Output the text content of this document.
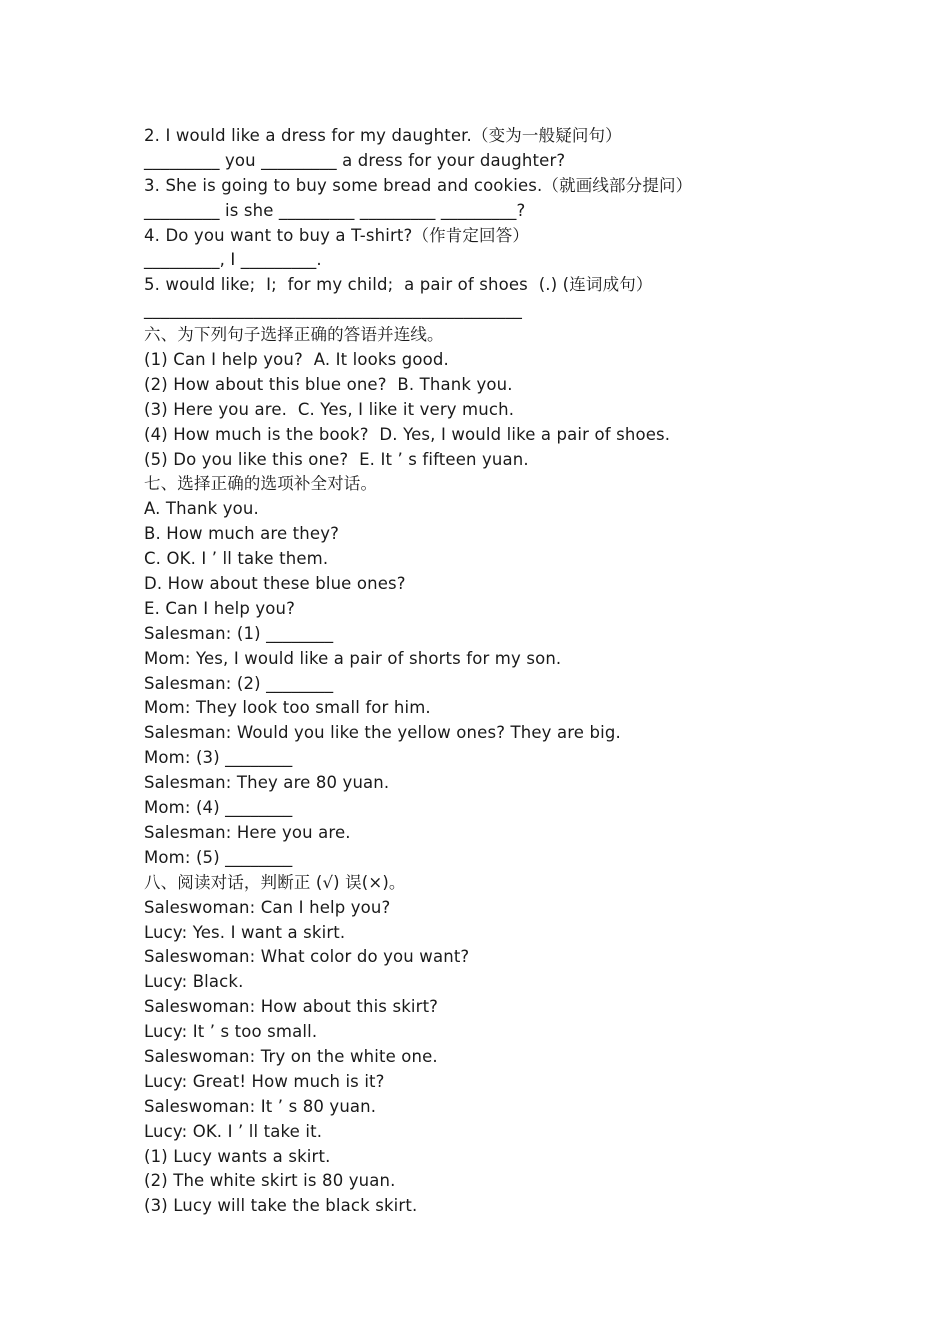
2. I would like a dress for my daughter.（变为一般疑问句）
_________ you _________ a dress for your daughter?
3. She is going to buy some bread and cookies.（就画线部分提问）
_________ is she _________ _________ _________?
4. Do you want to buy a T-shirt?（作肯定回答）
_________, I _________.
5. would like;  I;  for my child;  a pair of shoes  (.) (连词成句）
_____________________________________________
六、为下列句子选择正确的答语并连线。
(1) Can I help you?  A. It looks good.
(2) How about this blue one?  B. Thank you.
(3) Here you are.  C. Yes, I like it very much.
(4) How much is the book?  D. Yes, I would like a pair of shoes.
(5) Do you like this one?  E. It ’ s fifteen yuan.
七、选择正确的选项补全对话。
A. Thank you.
B. How much are they?
C. OK. I ’ ll take them.
D. How about these blue ones?
E. Can I help you?
Salesman: (1) ________
Mom: Yes, I would like a pair of shorts for my son.
Salesman: (2) ________
Mom: They look too small for him.
Salesman: Would you like the yellow ones? They are big.
Mom: (3) ________
Salesman: They are 80 yuan.
Mom: (4) ________
Salesman: Here you are.
Mom: (5) ________
八、阅读对话，判断正 (√) 误(×)。
Saleswoman: Can I help you?
Lucy: Yes. I want a skirt.
Saleswoman: What color do you want?
Lucy: Black.
Saleswoman: How about this skirt?
Lucy: It ’ s too small.
Saleswoman: Try on the white one.
Lucy: Great! How much is it?
Saleswoman: It ’ s 80 yuan.
Lucy: OK. I ’ ll take it.
(1) Lucy wants a skirt.
(2) The white skirt is 80 yuan.
(3) Lucy will take the black skirt.
